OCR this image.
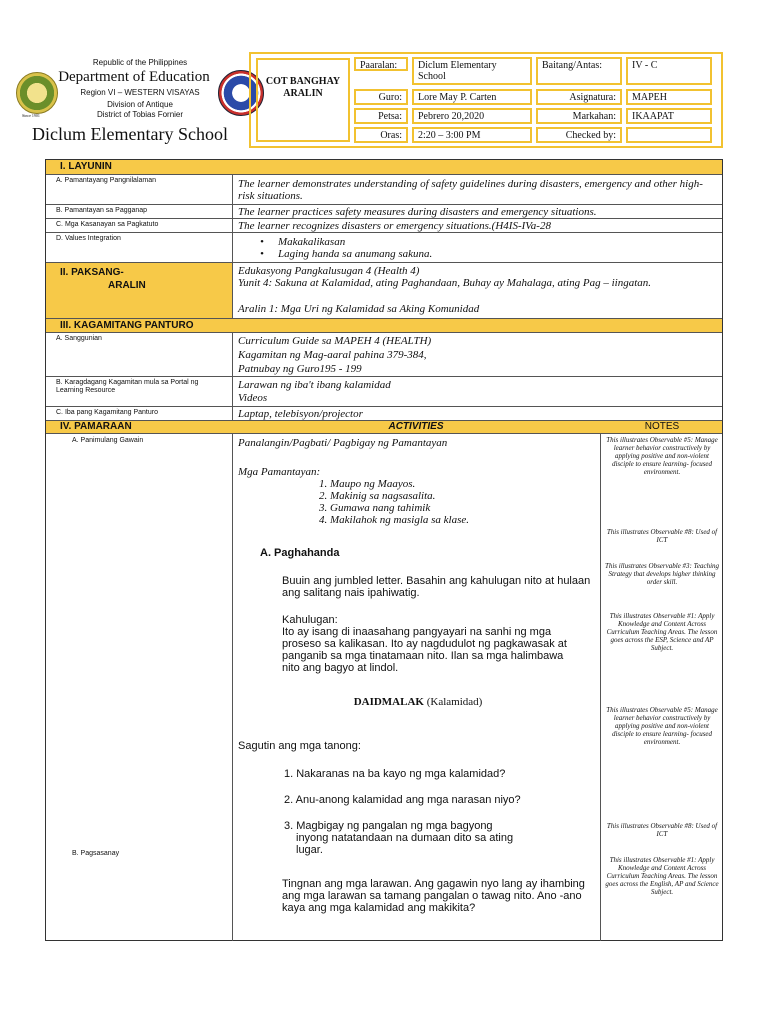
Since 1901
Republic of the Philippines
Department of Education
Region VI – WESTERN VISAYAS
Division of Antique
District of Tobias Fornier
Diclum Elementary School
COT BANGHAY ARALIN
Paaralan:	Diclum Elementary School
Baitang/Antas:	IV - C
Guro:	Lore May P. Carten	Asignatura:	MAPEH
Petsa:	Pebrero 20,2020	Markahan:	IKAAPAT
Oras:	2:20 – 3:00 PM	Checked by:
I. LAYUNIN
A. Pamantayang Pangnilalaman	The learner demonstrates understanding of safety guidelines during disasters, emergency and other high-risk situations.
B. Pamantayan sa Pagganap	The learner practices safety measures during disasters and emergency situations.
C. Mga Kasanayan sa Pagkatuto	The learner recognizes disasters or emergency situations.(H4IS-IVa-28
D. Values Integration
•	Makakalikasan
• Laging handa sa anumang sakuna.
II. PAKSANG-
ARALIN
Edukasyong Pangkalusugan 4 (Health 4)
Yunit 4: Sakuna at Kalamidad, ating Paghandaan, Buhay ay Mahalaga, ating Pag – iingatan.
Aralin 1: Mga Uri ng Kalamidad sa Aking Komunidad
III. KAGAMITANG PANTURO
A. Sanggunian	Curriculum Guide sa MAPEH 4 (HEALTH)
Kagamitan ng Mag-aaral pahina 379-384,
Patnubay ng Guro195 - 199
B. Karagdagang Kagamitan mula sa Portal ng Learning Resource	Larawan ng iba't ibang kalamidad
Videos
C. Iba pang Kagamitang Panturo	Laptap, telebisyon/projector
IV. PAMARAAN	ACTIVITIES	NOTES
A. Panimulang Gawain
B. Pagsasanay
Panalangin/Pagbati/ Pagbigay ng Pamantayan
Mga Pamantayan:
1. Maupo ng Maayos.
2. Makinig sa nagsasalita.
3. Gumawa nang tahimik
4. Makilahok ng masigla sa klase.
A. Paghahanda
Buuin ang jumbled letter. Basahin ang kahulugan nito at hulaan ang salitang nais ipahiwatig.
Kahulugan:
Ito ay isang di inaasahang pangyayari na sanhi ng mga proseso sa kalikasan. Ito ay nagdudulot ng pagkawasak at panganib sa mga tinatamaan nito. Ilan sa mga halimbawa nito ang bagyo at lindol.
DAIDMALAK (Kalamidad)
Sagutin ang mga tanong:
1. Nakaranas na ba kayo ng mga kalamidad?
2. Anu-anong kalamidad ang mga narasan niyo?
3. Magbigay ng pangalan ng mga bagyong inyong natatandaan na dumaan dito sa ating lugar.
Tingnan ang mga larawan. Ang gagawin nyo lang ay ihambing ang mga larawan sa tamang pangalan o tawag nito. Ano -ano kaya ang mga kalamidad ang makikita?
This illustrates Observable #5: Manage learner behavior constructively by applying positive and non-violent disciple to ensure learning- focused environment.
This illustrates Observable #8: Used of ICT
This illustrates Observable #3: Teaching Strategy that develops higher thinking order skill.
This illustrates Observable #1: Apply Knowledge and Content Across Curriculum Teaching Areas. The lesson goes across the ESP, Science and AP Subject.
This illustrates Observable #5: Manage learner behavior constructively by applying positive and non-violent disciple to ensure learning- focused environment.
This illustrates Observable #8: Used of ICT
This illustrates Observable #1: Apply Knowledge and Content Across Curriculum Teaching Areas. The lesson goes across the English, AP and Science Subject.
